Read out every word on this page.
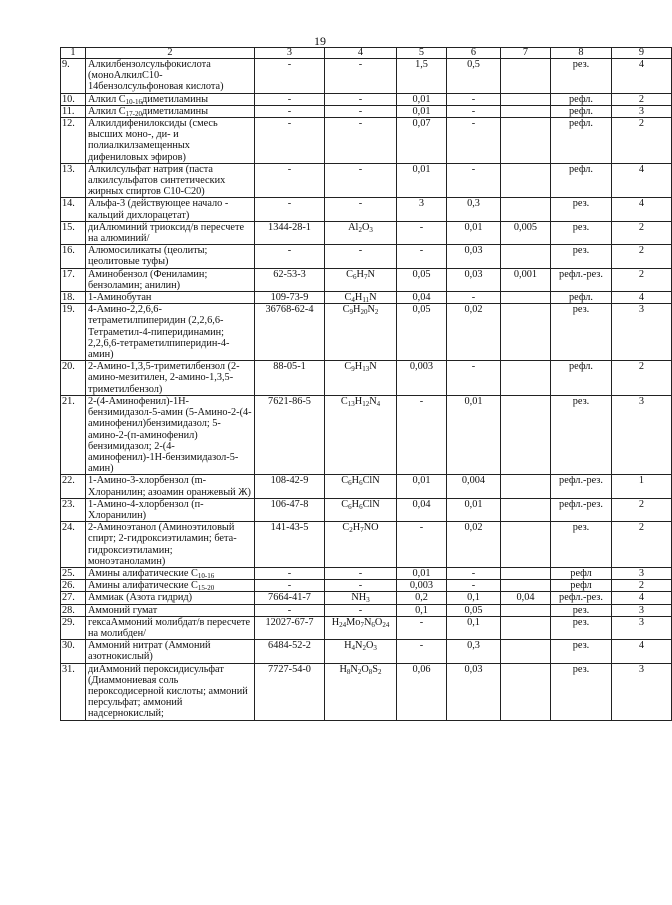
19
1	2	3	4	5	6	7	8	9
9.	Алкилбензолсульфокислота (моноАлкилС10-14бензолсульфоновая кислота)	-	-	1,5	0,5		рез.	4
10.	Алкил $С_{10-16}диметиламины$	-	-	0,01	-		рефл.	2
11.	Алкил $С_{17-20}диметиламины$	-	-	0,01	-		рефл.	3
12.	Алкилдифенилоксиды (смесь высших моно-, ди- и полиалкилзамещенных дифениловых эфиров)	-	-	0,07	-		рефл.	2
13.	Алкилсульфат натрия (паста алкилсульфатов синтетических жирных спиртов С10-С20)	-	-	0,01	-		рефл.	4
14.	Альфа-3 (действующее начало - кальций дихлорацетат)	-	-	3	0,3		рез.	4
15.	диАлюминий триоксид/в пересчете на алюминий/	1344-28-1	$Al_2O_3$	-	0,01	0,005	рез.	2
16.	Алюмосиликаты (цеолиты; цеолитовые туфы)	-	-	-	0,03		рез.	2
17.	Аминобензол (Фениламин; бензоламин; анилин)	62-53-3	$C_6H_7N$	0,05	0,03	0,001	рефл.-рез.	2
18.	1-Аминобутан	109-73-9	$C_4H_{11}N$	0,04	-		рефл.	4
19.	4-Амино-2,2,6,6-тетраметилпиперидин (2,2,6,6-Тетраметил-4-пиперидинамин; 2,2,6,6-тетраметилпиперидин-4-амин)	36768-62-4	$C_9H_{20}N_2$	0,05	0,02		рез.	3
20.	2-Амино-1,3,5-триметилбензол (2-амино-мезитилен, 2-амино-1,3,5-триметилбензол)	88-05-1	$C_9H_{13}N$	0,003	-		рефл.	2
21.	2-(4-Аминофенил)-1Н-бензимидазол-5-амин (5-Амино-2-(4-аминофенил)бензимидазол; 5-амино-2-(п-аминофенил) бензимидазол; 2-(4-аминофенил)-1Н-бензимидазол-5-амин)	7621-86-5	$C_{13}H_{12}N_4$	-	0,01		рез.	3
22.	1-Амино-3-хлорбензол (m-Хлоранилин; азоамин оранжевый Ж)	108-42-9	$C_6H_6ClN$	0,01	0,004		рефл.-рез.	1
23.	1-Амино-4-хлорбензол (п-Хлоранилин)	106-47-8	$C_6H_6ClN$	0,04	0,01		рефл.-рез.	2
24.	2-Аминоэтанол (Аминоэтиловый спирт; 2-гидроксиэтиламин; бета-гидроксиэтиламин; моноэтаноламин)	141-43-5	$C_2H_7NO$	-	0,02		рез.	2
25.	Амины алифатические $С_{10-16}$	-	-	0,01	-		рефл	3
26.	Амины алифатические $С_{15-20}$	-	-	0,003	-		рефл	2
27.	Аммиак (Азота гидрид)	7664-41-7	$NH_3$	0,2	0,1	0,04	рефл.-рез.	4
28.	Аммоний гумат	-	-	0,1	0,05		рез.	3
29.	гексаАммоний молибдат/в пересчете на молибден/	12027-67-7	$H_{24}Mo_7N_6O_{24}$	-	0,1		рез.	3
30.	Аммоний нитрат (Аммоний азотнокислый)	6484-52-2	$H_4N_2O_3$	-	0,3		рез.	4
31.	диАммоний пероксидисульфат (Диаммониевая соль пероксодисерной кислоты; аммоний персульфат; аммоний надсернокислый;	7727-54-0	$H_8N_2O_8S_2$	0,06	0,03		рез.	3
